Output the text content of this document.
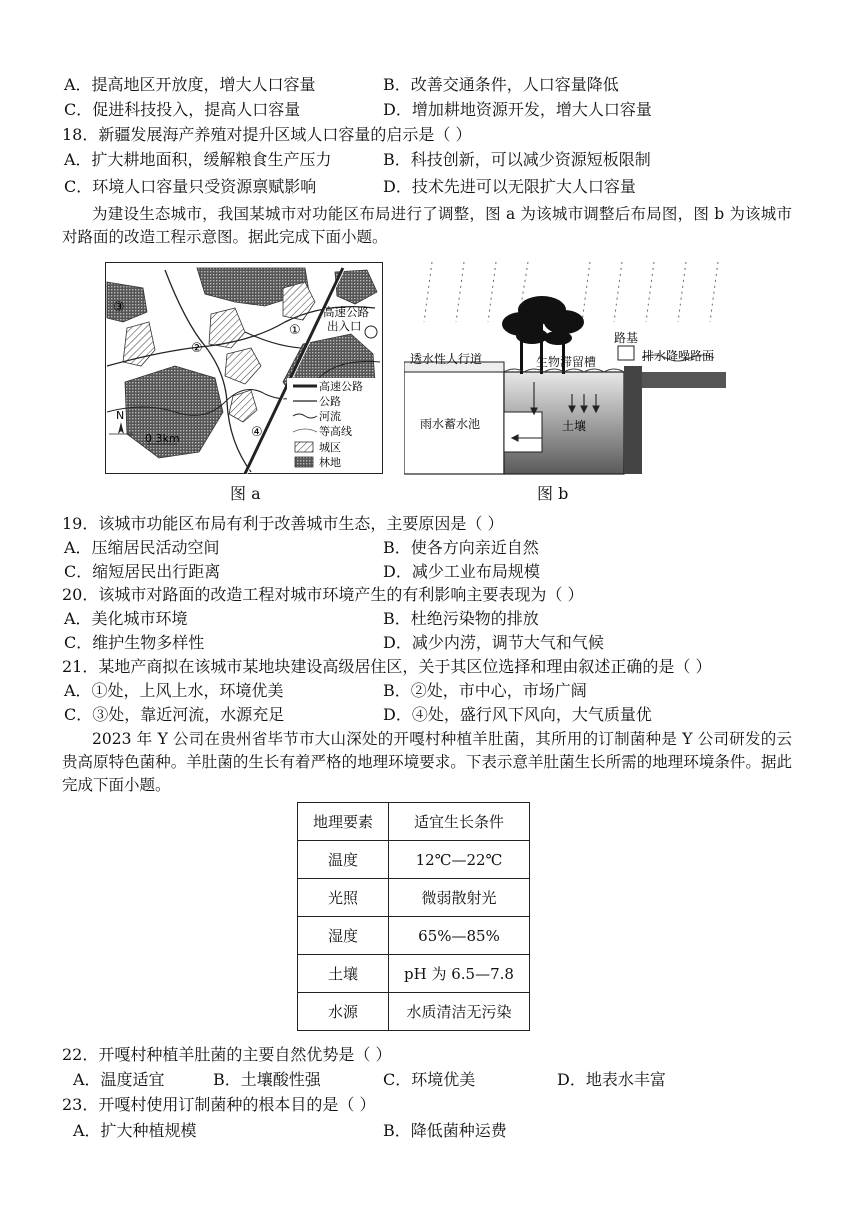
A．提高地区开放度，增大人口容量	B．改善交通条件，人口容量降低
C．促进科技投入，提高人口容量	D．增加耕地资源开发，增大人口容量
18．新疆发展海产养殖对提升区域人口容量的启示是（ ）
A．扩大耕地面积，缓解粮食生产压力	B．科技创新，可以减少资源短板限制
C．环境人口容量只受资源禀赋影响	D．技术先进可以无限扩大人口容量
为建设生态城市，我国某城市对功能区布局进行了调整，图 a 为该城市调整后布局图，图 b 为该城市对路面的改造工程示意图。据此完成下面小题。
③
②
①
④
高速公路
出入口
N
0 3km
高速公路
公路
河流
等高线
城区
林地
图 a
透水性人行道	生物滞留槽
路基
排水降噪路面
雨水蓄水池	土壤
图 b
19．该城市功能区布局有利于改善城市生态，主要原因是（ ）
A．压缩居民活动空间	B．使各方向亲近自然
C．缩短居民出行距离	D．减少工业布局规模
20．该城市对路面的改造工程对城市环境产生的有利影响主要表现为（ ）
A．美化城市环境	B．杜绝污染物的排放
C．维护生物多样性	D．减少内涝，调节大气和气候
21．某地产商拟在该城市某地块建设高级居住区，关于其区位选择和理由叙述正确的是（ ）
A．①处，上风上水，环境优美	B．②处，市中心，市场广阔
C．③处，靠近河流，水源充足	D．④处，盛行风下风向，大气质量优
2023 年 Y 公司在贵州省毕节市大山深处的开嘎村种植羊肚菌，其所用的订制菌种是 Y 公司研发的云贵高原特色菌种。羊肚菌的生长有着严格的地理环境要求。下表示意羊肚菌生长所需的地理环境条件。据此完成下面小题。
地理要素	适宜生长条件
温度	12℃—22℃
光照	微弱散射光
湿度	65%—85%
土壤	pH 为 6.5—7.8
水源	水质清洁无污染
22．开嘎村种植羊肚菌的主要自然优势是（ ）
A．温度适宜	B．土壤酸性强	C．环境优美	D．地表水丰富
23．开嘎村使用订制菌种的根本目的是（ ）
A．扩大种植规模	B．降低菌种运费
